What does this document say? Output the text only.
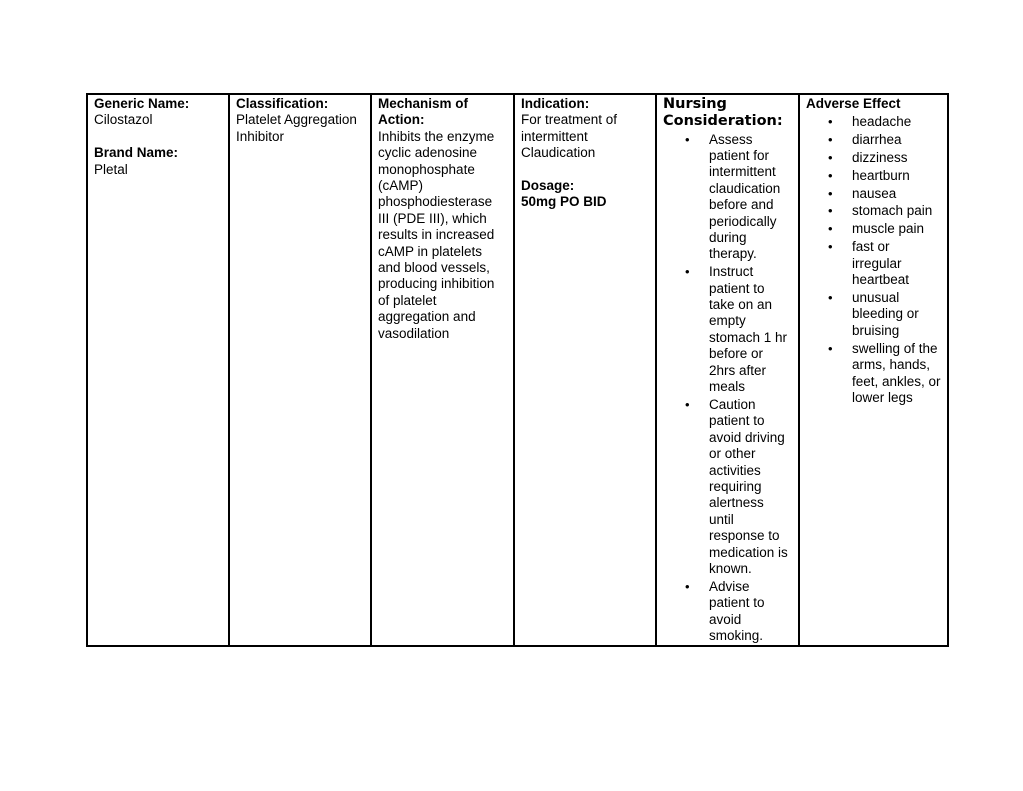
Generic Name:
Cilostazol
Brand Name:
Pletal

Classification:
Platelet Aggregation Inhibitor

Mechanism of Action:
Inhibits the enzyme cyclic adenosine monophosphate (cAMP) phosphodiesterase III (PDE III), which results in increased cAMP in platelets and blood vessels, producing inhibition of platelet aggregation and vasodilation

Indication:
For treatment of intermittent Claudication
Dosage:
50mg PO BID

Nursing Consideration:
• Assess patient for intermittent claudication before and periodically during therapy.
• Instruct patient to take on an empty stomach 1 hr before or 2hrs after meals
• Caution patient to avoid driving or other activities requiring alertness until response to medication is known.
• Advise patient to avoid smoking.

Adverse Effect
• headache
• diarrhea
• dizziness
• heartburn
• nausea
• stomach pain
• muscle pain
• fast or irregular heartbeat
• unusual bleeding or bruising
• swelling of the arms, hands, feet, ankles, or lower legs
